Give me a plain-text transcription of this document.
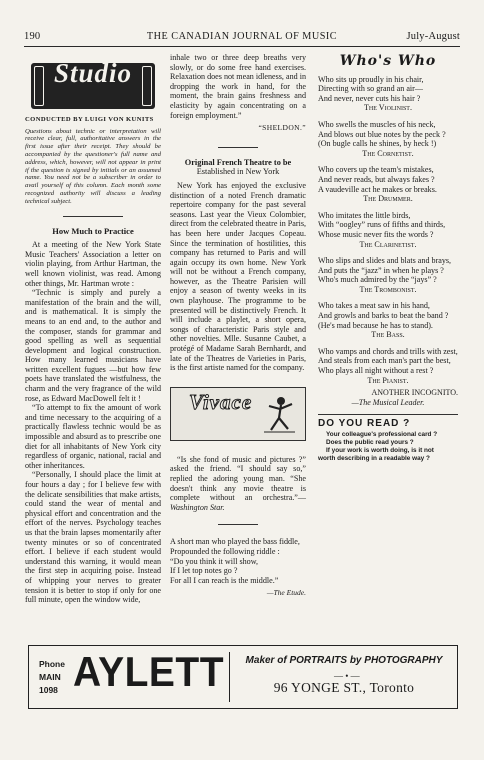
190	THE CANADIAN JOURNAL OF MUSIC	July-August
Studio
CONDUCTED BY LUIGI VON KUNITS
Questions about technic or interpretation will receive clear, full, authoritative answers in the first issue after their receipt. They should be accompanied by the questioner's full name and address, which, however, will not appear in print if the question is signed by initials or an assumed name. You need not be a subscriber in order to avail yourself of this column. Each month some recognized authority will discuss a leading technical subject.
How Much to Practice

At a meeting of the New York State Music Teachers' Association a letter on violin playing, from Arthur Hartman, the well known violinist, was read. Among other things, Mr. Hartman wrote :

“Technic is simply and purely a manifestation of the brain and the will, and is mathematical. It is simply the means to an end and, to the author and the composer, stands for grammar and good spelling as well as sequential development and logical construction. How many learned musicians have written excellent fugues —but how few poets have translated the wistfulness, the charm and the very fragrance of the wild rose, as Edward MacDowell felt it !

“To attempt to fix the amount of work and time necessary to the acquiring of a practically flawless technic would be as impossible and absurd as to prescribe one diet for all inhabitants of New York city regardless of organic, national, racial and other inheritances.

“Personally, I should place the limit at four hours a day ; for I believe few with the delicate sensibilities that make artists, could stand the wear of mental and physical effort and concentration and the effort of the nerves. Psychology teaches us that the brain lapses momentarily after twenty minutes or so of concentrated effort. I believe if each student would understand this warning, it would mean the first step in acquiring poise. Instead of whipping your nerves to greater tension it is better to stop if only for one full minute, open the window wide,

inhale two or three deep breaths very slowly, or do some free hand exercises. Relaxation does not mean idleness, and in dropping the work in hand, for the moment, the brain gains freshness and elasticity by again concentrating on a foreign employment.”

“SHELDON.”
Original French Theatre to be
Established in New York

New York has enjoyed the exclusive distinction of a noted French dramatic repertoire company for the past several seasons. Last year the Vieux Colombier, direct from the celebrated theatre in Paris, has been here under Jacques Copeau. Since the termination of hostilities, this company has returned to Paris and will again occupy its own home. New York will not be without a French company, however, as the Theatre Parisien will enjoy a season of twenty weeks in its own playhouse. The programme to be presented will be distinctively French. It will include a playlet, a short opera, songs of characteristic Paris style and other novelties. Mlle. Susanne Caubet, a protégé of Madame Sarah Bernhardt, and late of the Theatres de Varieties in Paris, is the first artiste named for the company.

Vivace

“Is she fond of music and pictures ?” asked the friend. “I should say so,” replied the adoring young man. “She doesn't think any movie theatre is complete without an orchestra.”—Washington Star.

A short man who played the bass fiddle,
Propounded the following riddle :
“Do you think it will show,
If I let top notes go ?
For all I can reach is the middle.”
—The Etude.
Who's Who
Who sits up proudly in his chair,
Directing with so grand an air—
And never, never cuts his hair ?
The Violinist.
Who swells the muscles of his neck,
And blows out blue notes by the peck ?
(On bugle calls he shines, by heck !)
The Cornetist.
Who covers up the team's mistakes,
And never reads, but always fakes ?
A vaudeville act he makes or breaks.
The Drummer.
Who imitates the little birds,
With “oogley” runs of fifths and thirds,
Whose music never fits the words ?
The Clarinetist.
Who slips and slides and blats and brays,
And puts the “jazz” in when he plays ?
Who's much admired by the “jays” ?
The Trombonist.
Who takes a meat saw in his hand,
And growls and barks to beat the band ?
(He's mad because he has to stand).
The Bass.
Who vamps and chords and trills with zest,
And steals from each man's part the best,
Who plays all night without a rest ?
The Pianist.
ANOTHER INCOGNITO.
—The Musical Leader.
DO YOU READ ?
Your colleague's professional card ?
Does the public read yours ?
If your work is worth doing, is it not
worth describing in a readable way ?
Phone
MAIN
1098 AYLETT	Maker of PORTRAITS by PHOTOGRAPHY
— • —
96 YONGE ST., Toronto
